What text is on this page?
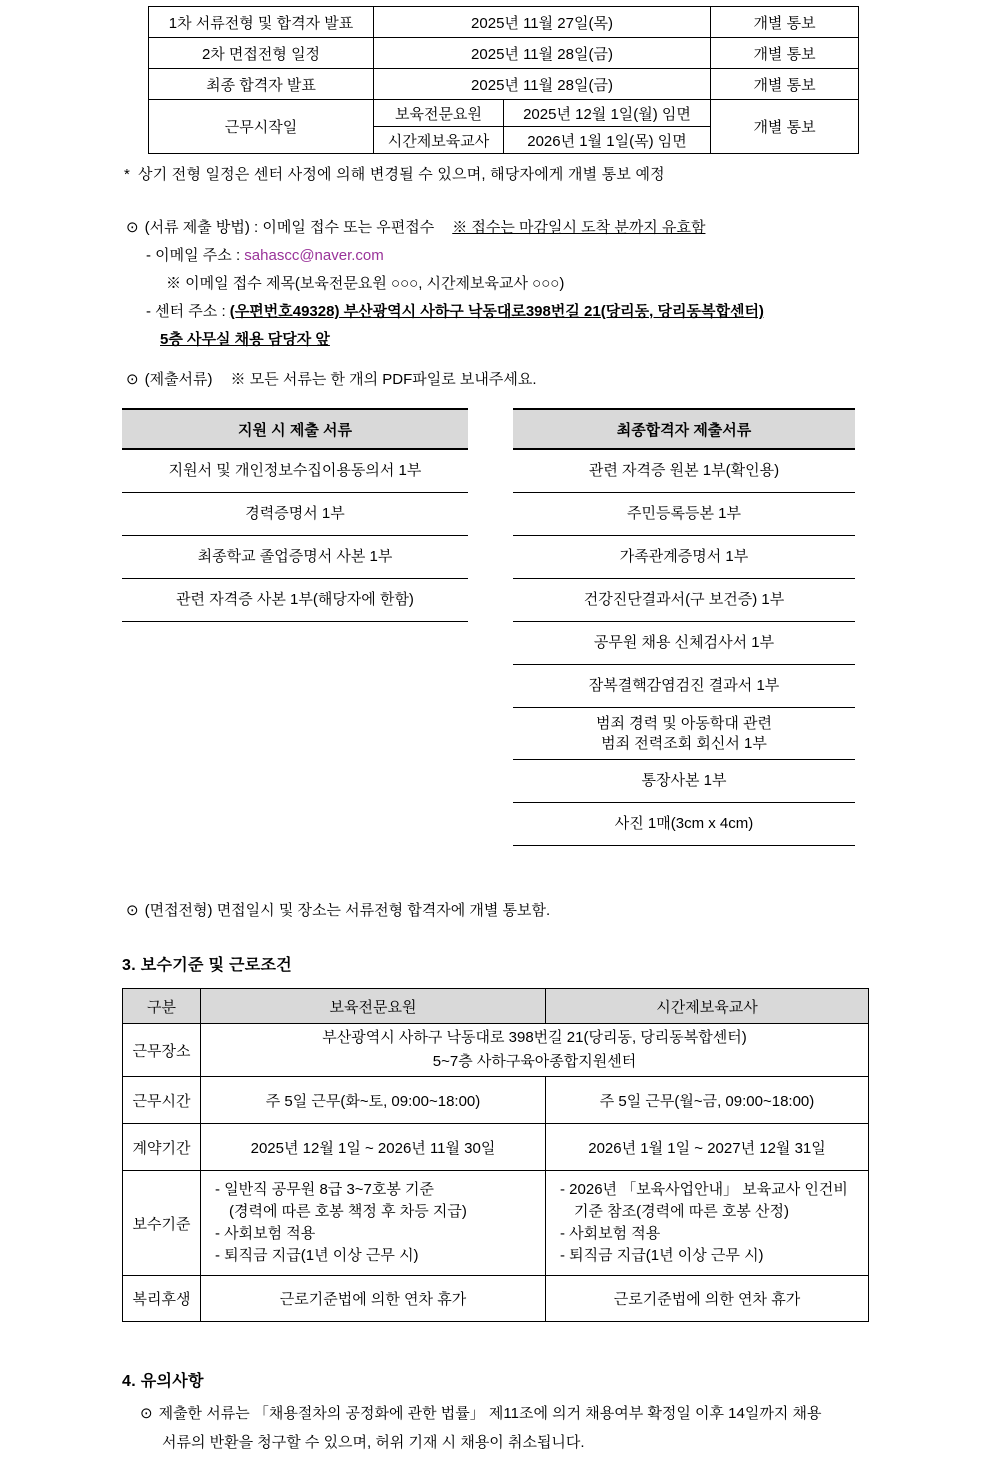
1차 서류전형 및 합격자 발표	2025년 11월 27일(목)		개별 통보
2차 면접전형 일정	2025년 11월 28일(금)		개별 통보
최종 합격자 발표	2025년 11월 28일(금)		개별 통보
근무시작일	보육전문요원	2025년 12월 1일(월) 임면	개별 통보
	시간제보육교사	2026년 1월 1일(목) 임면	
* 상기 전형 일정은 센터 사정에 의해 변경될 수 있으며, 해당자에게 개별 통보 예정
⊙ (서류 제출 방법) : 이메일 접수 또는 우편접수 ※ 접수는 마감일시 도착 분까지 유효함
- 이메일 주소 : sahascc@naver.com
※ 이메일 접수 제목(보육전문요원 ○○○, 시간제보육교사 ○○○)
- 센터 주소 : (우편번호49328) 부산광역시 사하구 낙동대로398번길 21(당리동, 당리동복합센터)
5층 사무실 채용 담당자 앞
⊙ (제출서류) ※ 모든 서류는 한 개의 PDF파일로 보내주세요.
지원 시 제출 서류
지원서 및 개인정보수집이용동의서 1부
경력증명서 1부
최종학교 졸업증명서 사본 1부
관련 자격증 사본 1부(해당자에 한함)
최종합격자 제출서류
관련 자격증 원본 1부(확인용)
주민등록등본 1부
가족관계증명서 1부
건강진단결과서(구 보건증) 1부
공무원 채용 신체검사서 1부
잠복결핵감염검진 결과서 1부
범죄 경력 및 아동학대 관련
범죄 전력조회 회신서 1부
통장사본 1부
사진 1매(3cm x 4cm)
⊙ (면접전형) 면접일시 및 장소는 서류전형 합격자에 개별 통보함.
3. 보수기준 및 근로조건
구분	보육전문요원	시간제보육교사
근무장소	부산광역시 사하구 낙동대로 398번길 21(당리동, 당리동복합센터)
5~7층 사하구육아종합지원센터	

근무시간	주 5일 근무(화~토, 09:00~18:00)	주 5일 근무(월~금, 09:00~18:00)
계약기간	2025년 12월 1일 ~ 2026년 11월 30일	2026년 1월 1일 ~ 2027년 12월 31일
보수기준	
- 일반직 공무원 8급 3~7호봉 기준
(경력에 따른 호봉 책정 후 차등 지급)
- 사회보험 적용
- 퇴직금 지급(1년 이상 근무 시)

- 2026년 「보육사업안내」 보육교사 인건비
기준 참조(경력에 따른 호봉 산정)
- 사회보험 적용
- 퇴직금 지급(1년 이상 근무 시)

복리후생	근로기준법에 의한 연차 휴가	근로기준법에 의한 연차 휴가
4. 유의사항
⊙ 제출한 서류는 「채용절차의 공정화에 관한 법률」 제11조에 의거 채용여부 확정일 이후 14일까지 채용
서류의 반환을 청구할 수 있으며, 허위 기재 시 채용이 취소됩니다.
